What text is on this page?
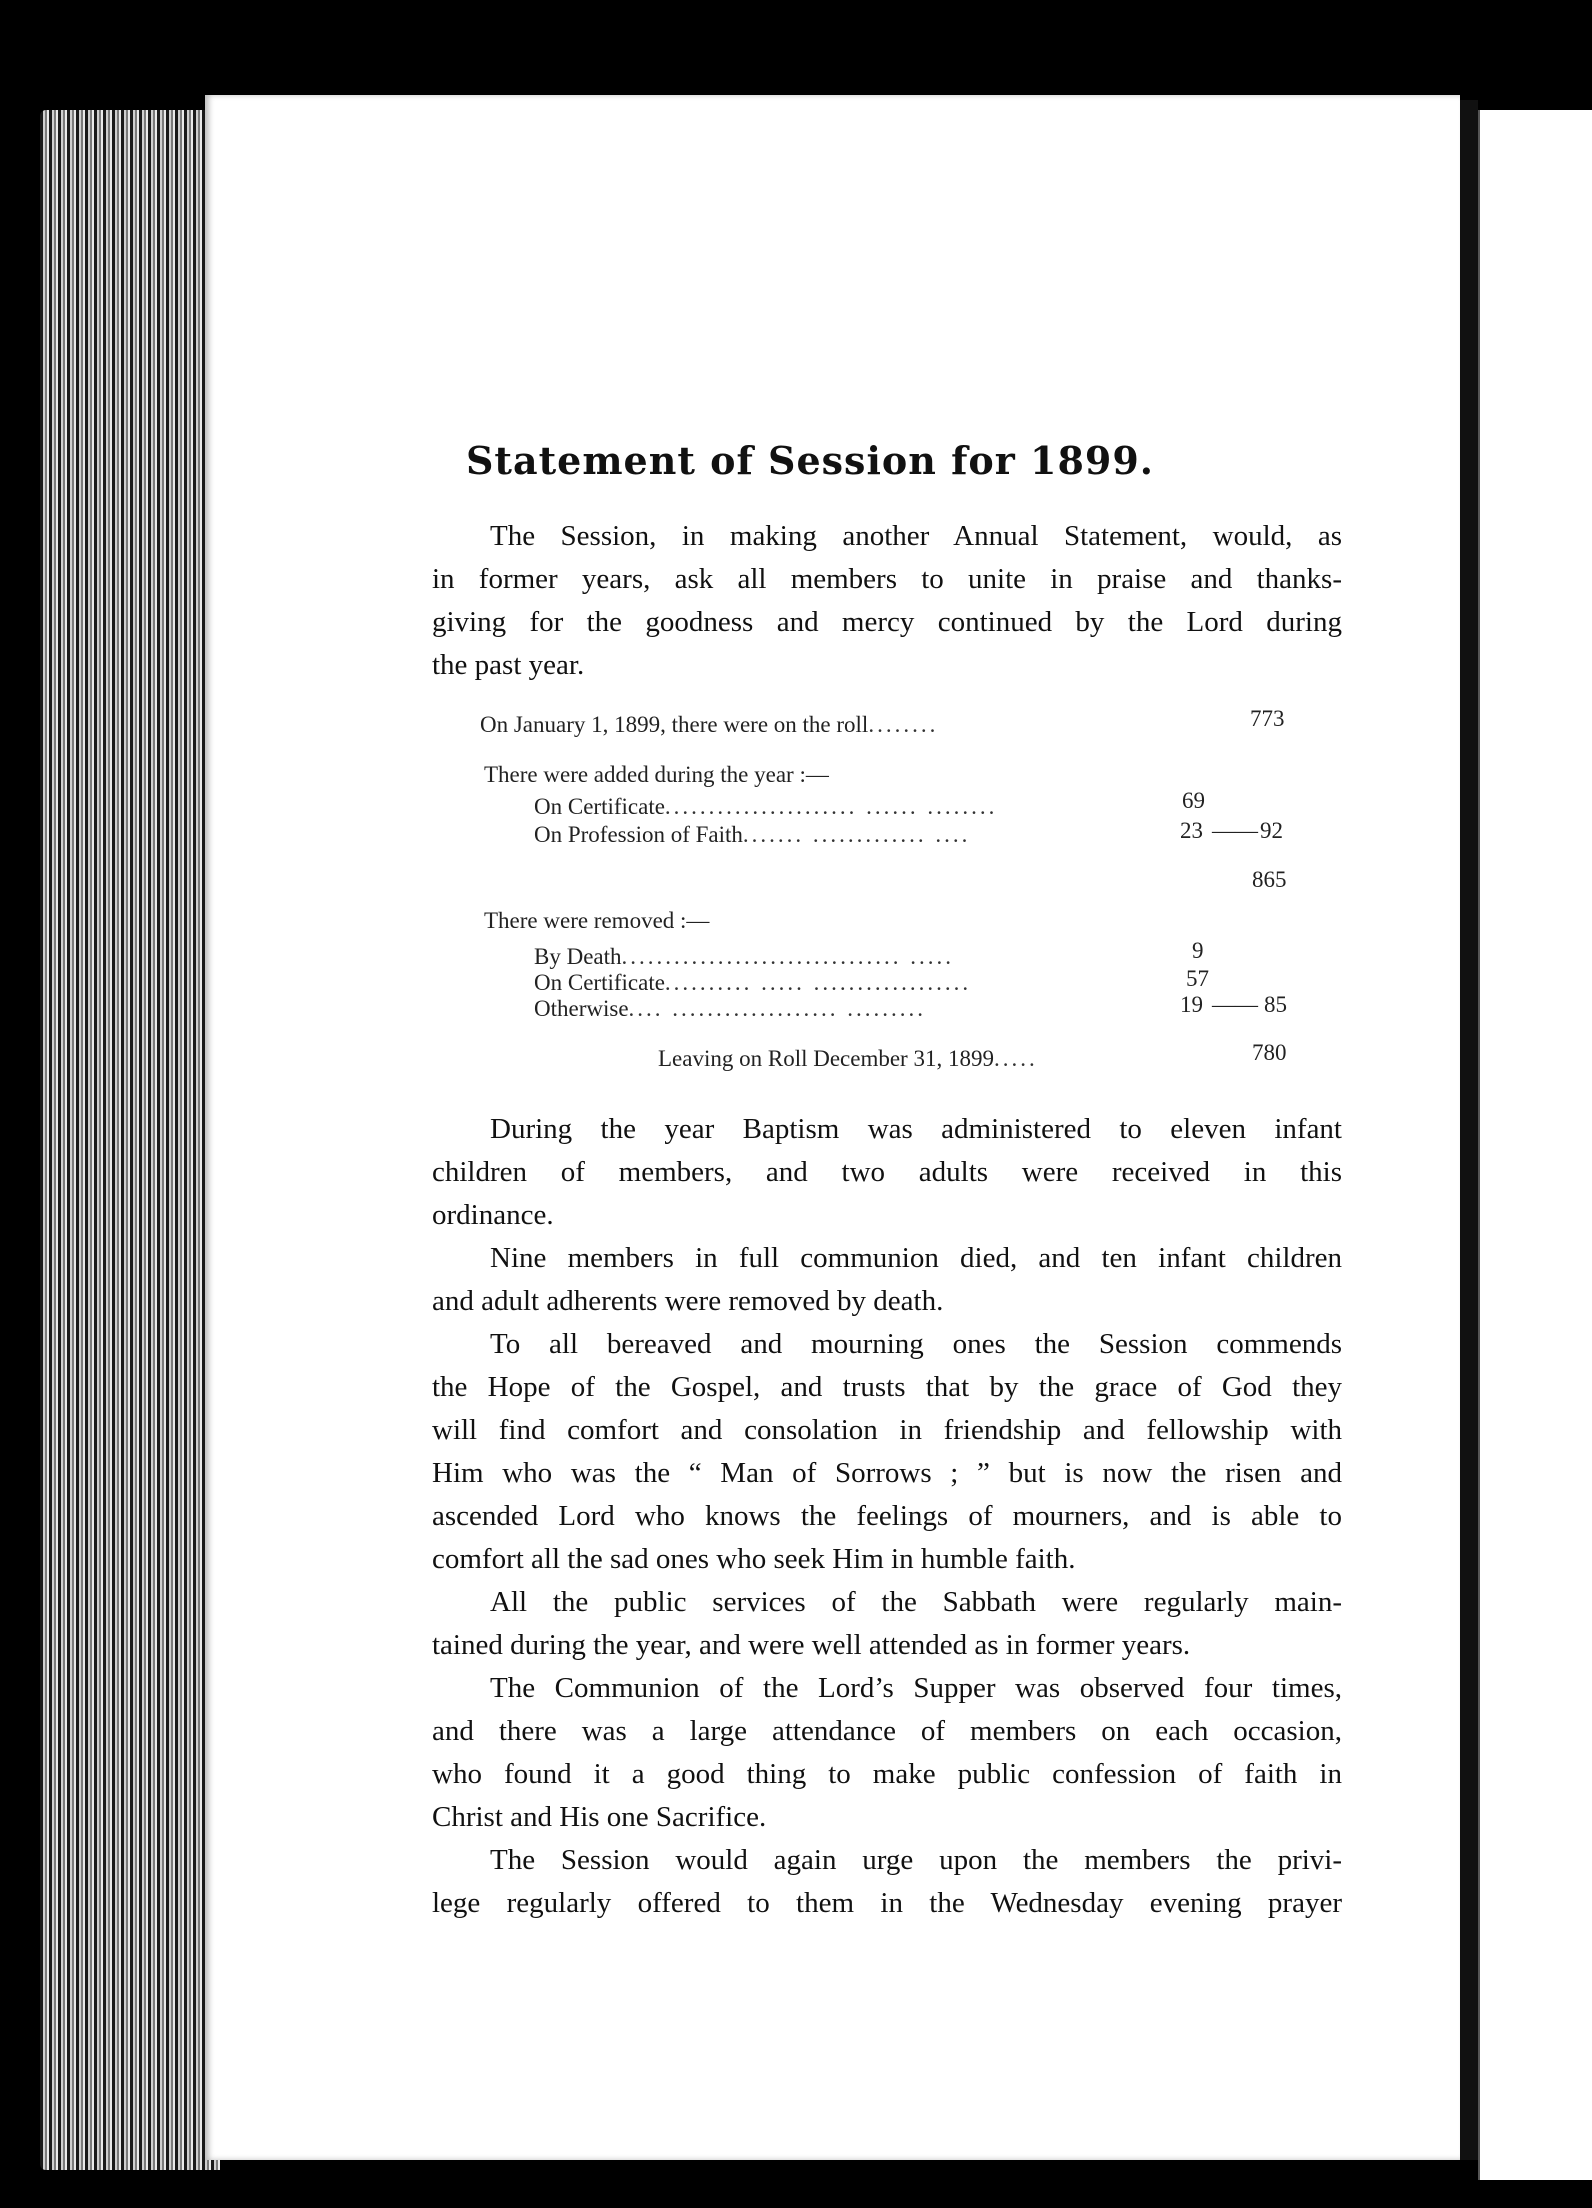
Statement of Session for 1899.
The Session, in making another Annual Statement, would, as
in former years, ask all members to unite in praise and thanks-
giving for the goodness and mercy continued by the Lord during
the past year.
On January 1, 1899, there were on the roll........	773
There were added during the year :—
On Certificate...................... ...... ........	69
On Profession of Faith....... ............. ....	23 —— 92
865
There were removed :—
By Death................................ .....	9
On Certificate.......... ..... ..................	57
Otherwise.... ................... .........	19 —— 85
Leaving on Roll December 31, 1899.....	780
During the year Baptism was administered to eleven infant
children of members, and two adults were received in this
ordinance.
Nine members in full communion died, and ten infant children
and adult adherents were removed by death.
To all bereaved and mourning ones the Session commends
the Hope of the Gospel, and trusts that by the grace of God they
will find comfort and consolation in friendship and fellowship with
Him who was the “ Man of Sorrows ; ” but is now the risen and
ascended Lord who knows the feelings of mourners, and is able to
comfort all the sad ones who seek Him in humble faith.
All the public services of the Sabbath were regularly main-
tained during the year, and were well attended as in former years.
The Communion of the Lord’s Supper was observed four times,
and there was a large attendance of members on each occasion,
who found it a good thing to make public confession of faith in
Christ and His one Sacrifice.
The Session would again urge upon the members the privi-
lege regularly offered to them in the Wednesday evening prayer
